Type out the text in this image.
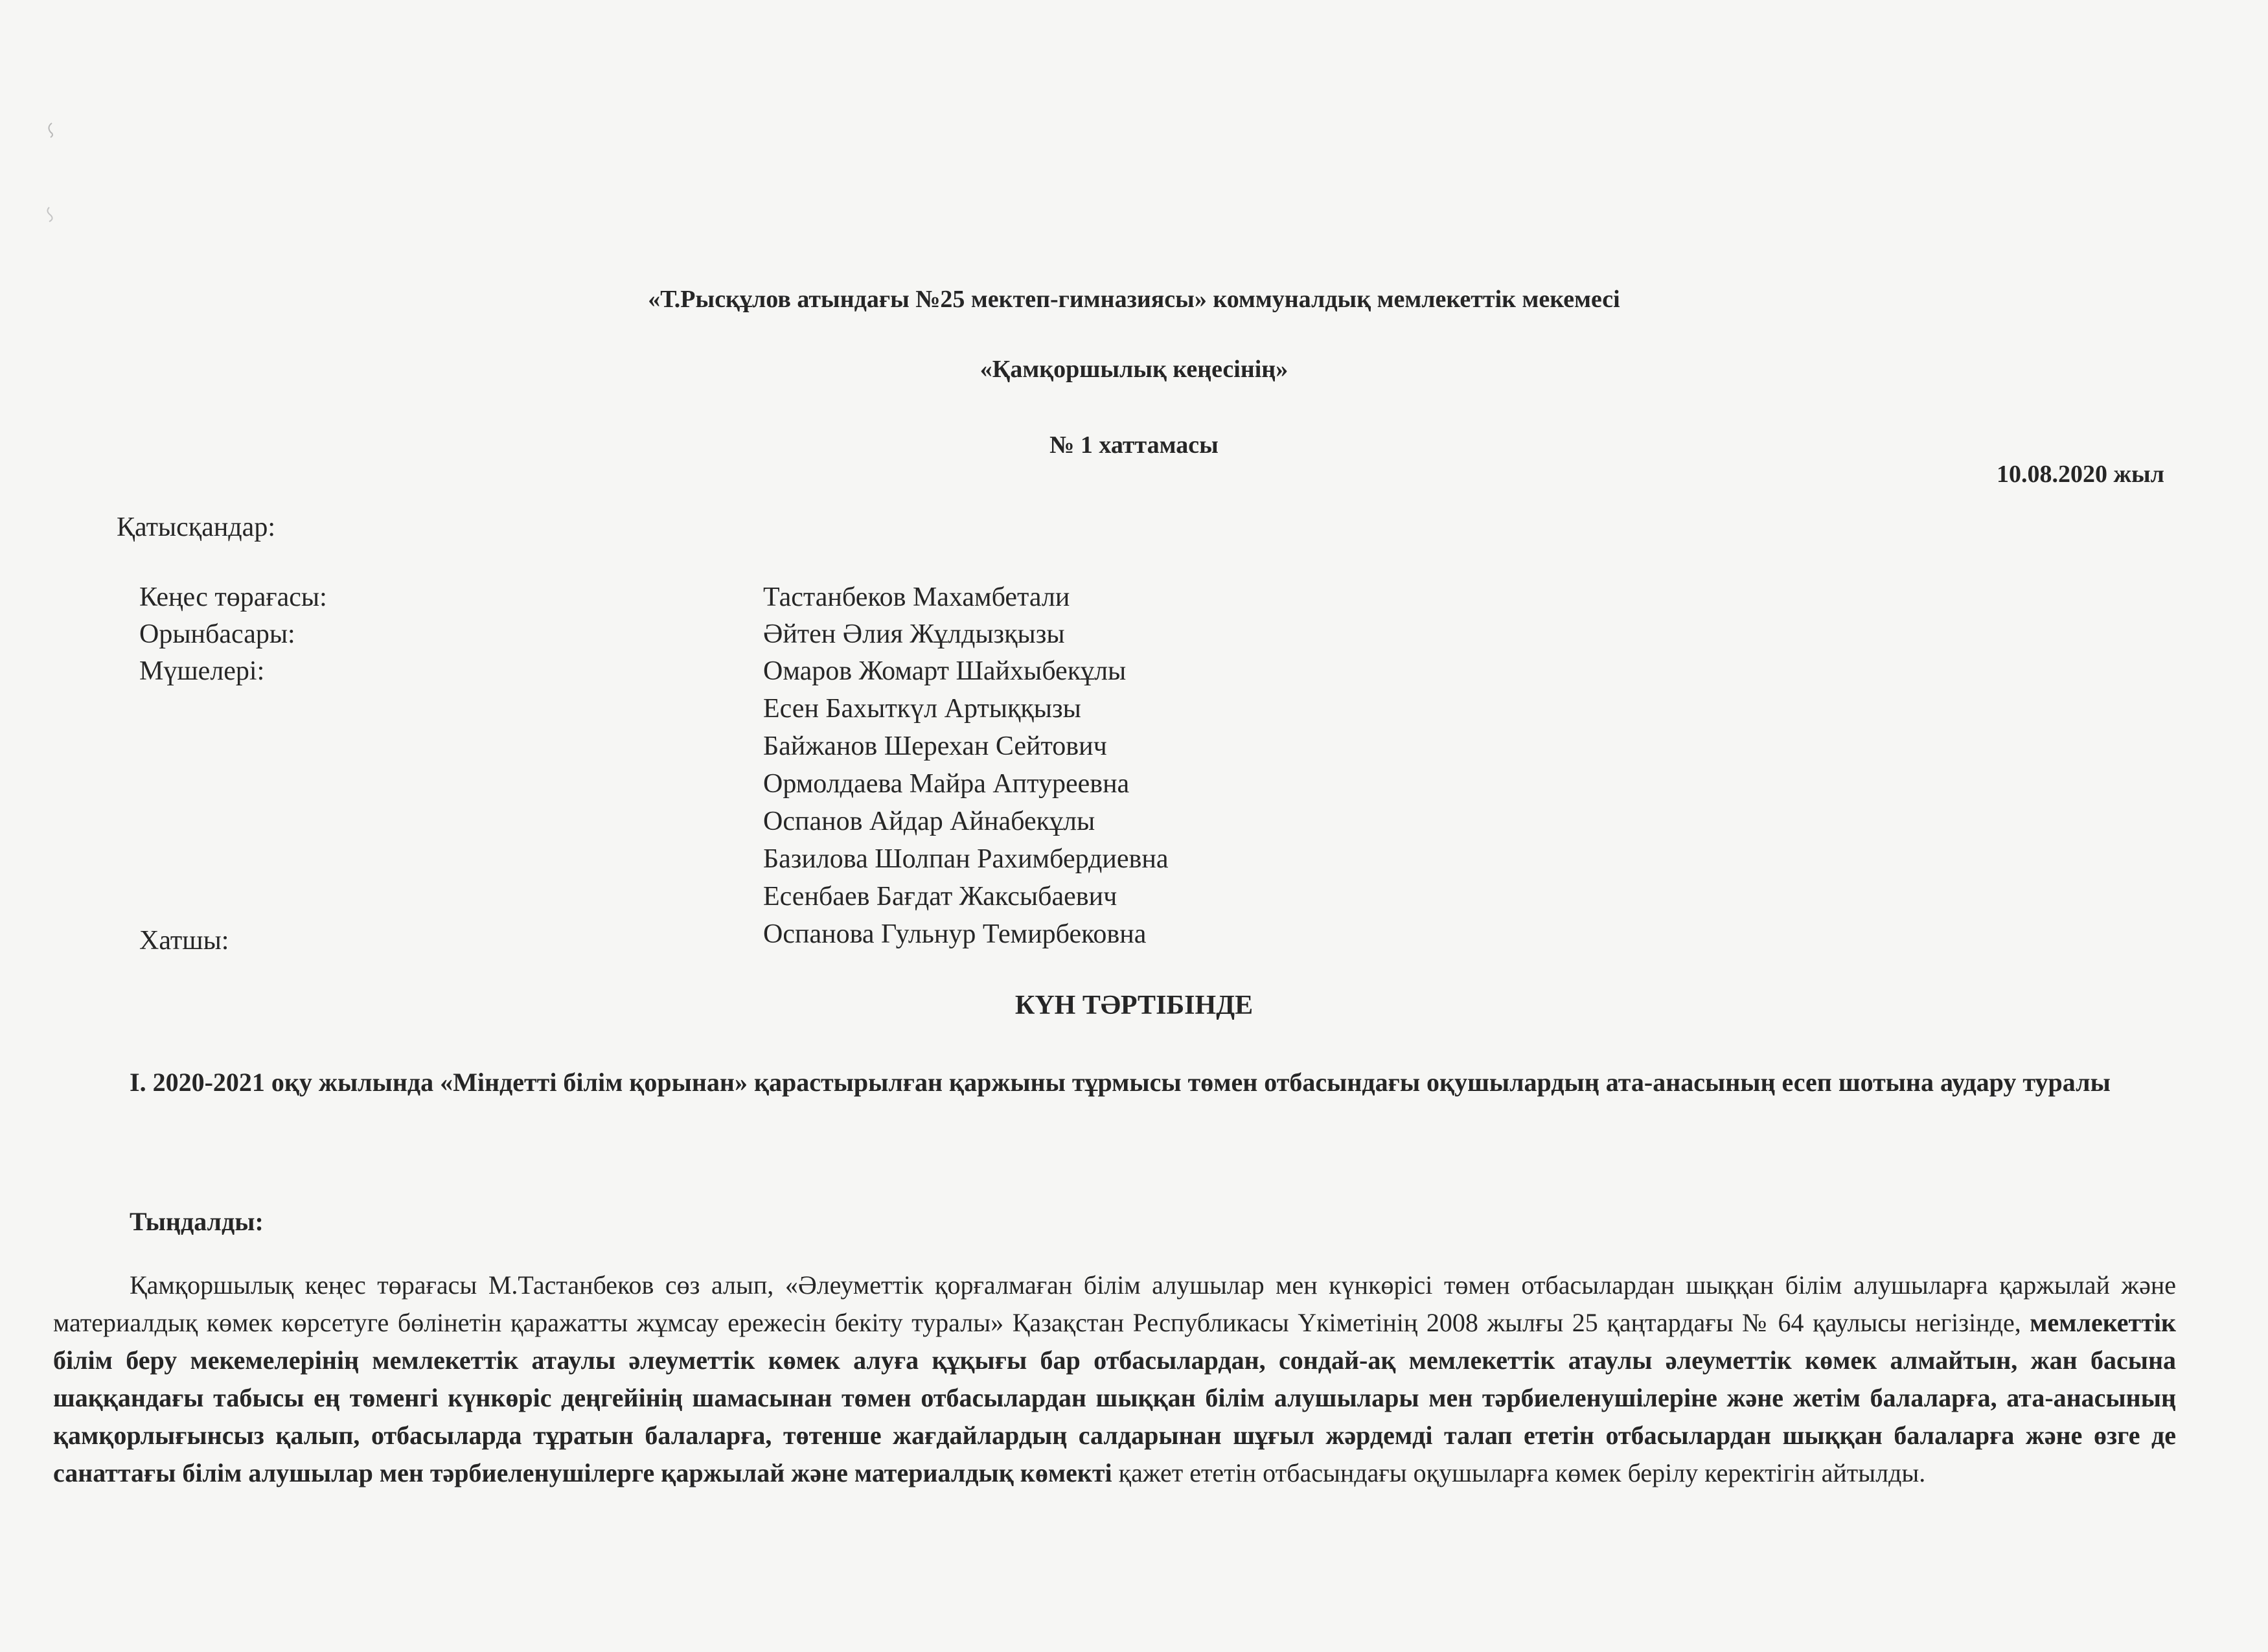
«Т.Рысқұлов атындағы №25 мектеп-гимназиясы» коммуналдық мемлекеттік мекемесі
«Қамқоршылық кеңесінің»
№ 1 хаттамасы
10.08.2020 жыл
Қатысқандар:
Кеңес төрағасы:
Орынбасары:
Мүшелері:
Хатшы:
Тастанбеков Махамбетали
Әйтен Әлия Жұлдызқызы
Омаров Жомарт Шайхыбекұлы
Есен Бахыткүл Артыққызы
Байжанов Шерехан Сейтович
Ормолдаева Майра Аптуреевна
Оспанов Айдар Айнабекұлы
Базилова Шолпан Рахимбердиевна
Есенбаев Бағдат Жаксыбаевич
Оспанова Гульнур Темирбековна
КҮН ТӘРТІБІНДЕ
I. 2020-2021 оқу жылында «Міндетті білім қорынан» қарастырылған қаржыны тұрмысы төмен отбасындағы оқушылардың ата-анасының есеп шотына аудару туралы
Тыңдалды:
Қамқоршылық кеңес төрағасы М.Тастанбеков сөз алып, «Әлеуметтік қорғалмаған білім алушылар мен күнкөрісі төмен отбасылардан шыққан білім алушыларға қаржылай және материалдық көмек көрсетуге бөлінетін қаражатты жұмсау ережесін бекіту туралы» Қазақстан Республикасы Үкіметінің 2008 жылғы 25 қаңтардағы № 64 қаулысы негізінде, мемлекеттік білім беру мекемелерінің мемлекеттік атаулы әлеуметтік көмек алуға құқығы бар отбасылардан, сондай-ақ мемлекеттік атаулы әлеуметтік көмек алмайтын, жан басына шаққандағы табысы ең төменгі күнкөріс деңгейінің шамасынан төмен отбасылардан шыққан білім алушылары мен тәрбиеленушілеріне және жетім балаларға, ата-анасының қамқорлығынсыз қалып, отбасыларда тұратын балаларға, төтенше жағдайлардың салдарынан шұғыл жәрдемді талап ететін отбасылардан шыққан балаларға және өзге де санаттағы білім алушылар мен тәрбиеленушілерге қаржылай және материалдық көмекті қажет ететін отбасындағы оқушыларға көмек берілу керектігін айтылды.
